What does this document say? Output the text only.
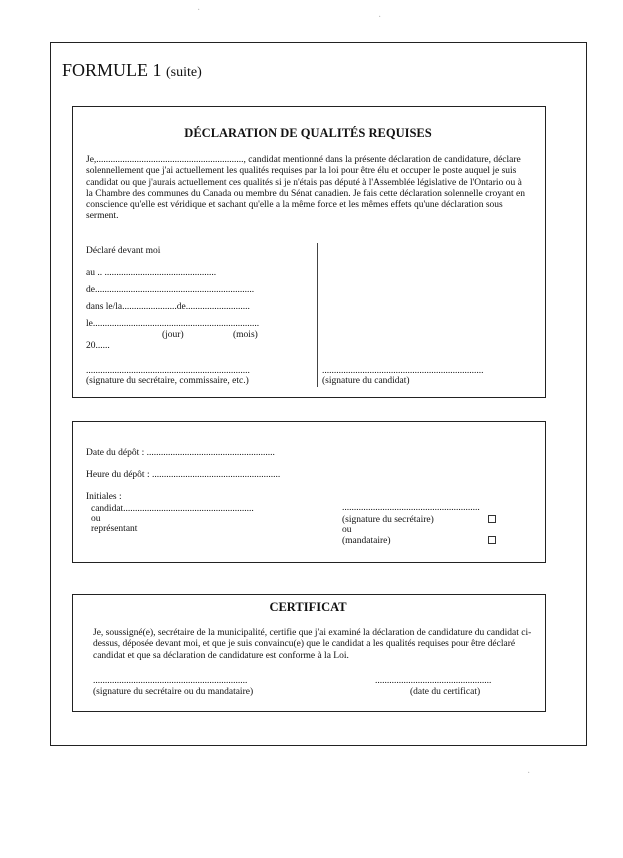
·
·
·
FORMULE 1 (suite)
DÉCLARATION DE QUALITÉS REQUISES
Je,.............................................................., candidat mentionné dans la présente déclaration de candidature, déclare solennellement que j'ai actuellement les qualités requises par la loi pour être élu et occuper le poste auquel je suis candidat ou que j'aurais actuellement ces qualités si je n'étais pas député à l'Assemblée législative de l'Ontario ou à la Chambre des communes du Canada ou membre du Sénat canadien. Je fais cette déclaration solennelle croyant en conscience qu'elle est véridique et sachant qu'elle a la même force et les mêmes effets qu'une déclaration sous serment.
Déclaré devant moi
au .. ...............................................
de...................................................................
dans le/la.......................de...........................
le......................................................................
(jour)	(mois)
20......
.....................................................................
(signature du secrétaire, commissaire, etc.)
....................................................................
(signature du candidat)
Date du dépôt : ......................................................
Heure du dépôt : ......................................................
Initiales :
candidat.......................................................
ou
représentant
..........................................................
(signature du secrétaire)
ou
(mandataire)
CERTIFICAT
Je, soussigné(e), secrétaire de la municipalité, certifie que j'ai examiné la déclaration de candidature du candidat ci-dessus, déposée devant moi, et que je suis convaincu(e) que le candidat a les qualités requises pour être déclaré candidat et que sa déclaration de candidature est conforme à la Loi.
.................................................................
(signature du secrétaire ou du mandataire)
.................................................
(date du certificat)
